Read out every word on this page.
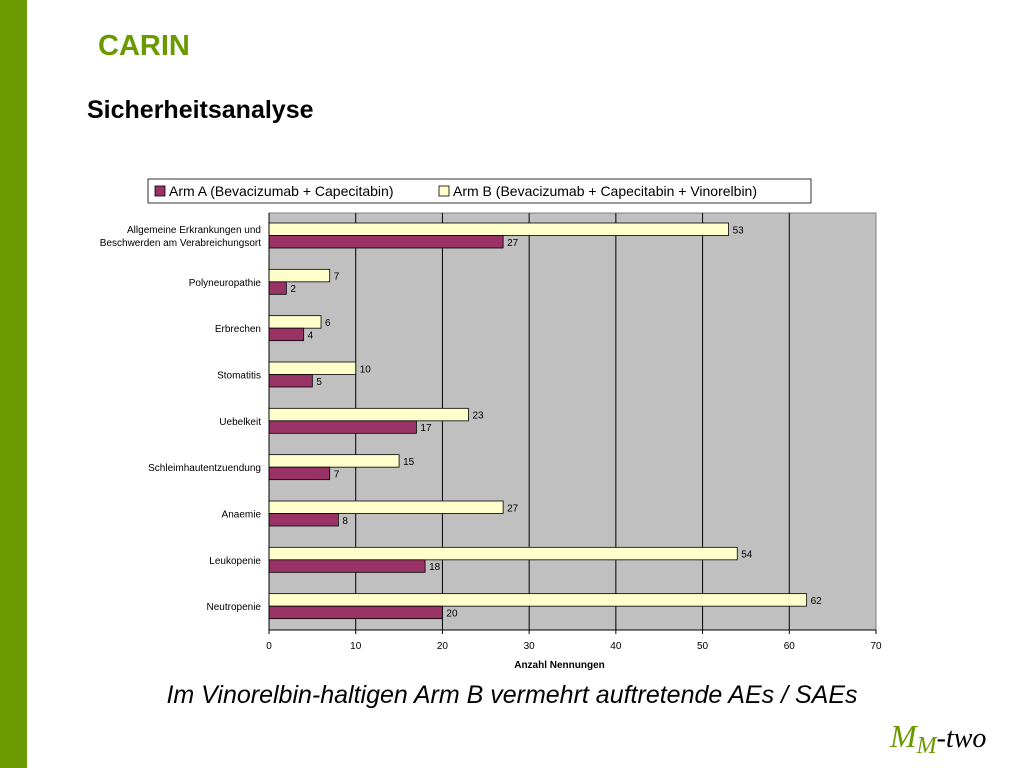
CARIN
Sicherheitsanalyse
53
27
Allgemeine Erkrankungen und
Beschwerden am Verabreichungsort
7
2
Polyneuropathie
6
4
Erbrechen
10
5
Stomatitis
23
17
Uebelkeit
15
7
Schleimhautentzuendung
27
8
Anaemie
54
18
Leukopenie
62
20
Neutropenie
0	10	20	30	40	50	60	70
Anzahl Nennungen
Arm A (Bevacizumab + Capecitabin)	Arm B (Bevacizumab + Capecitabin + Vinorelbin)
Im Vinorelbin-haltigen Arm B vermehrt auftretende AEs / SAEs
MM-two
